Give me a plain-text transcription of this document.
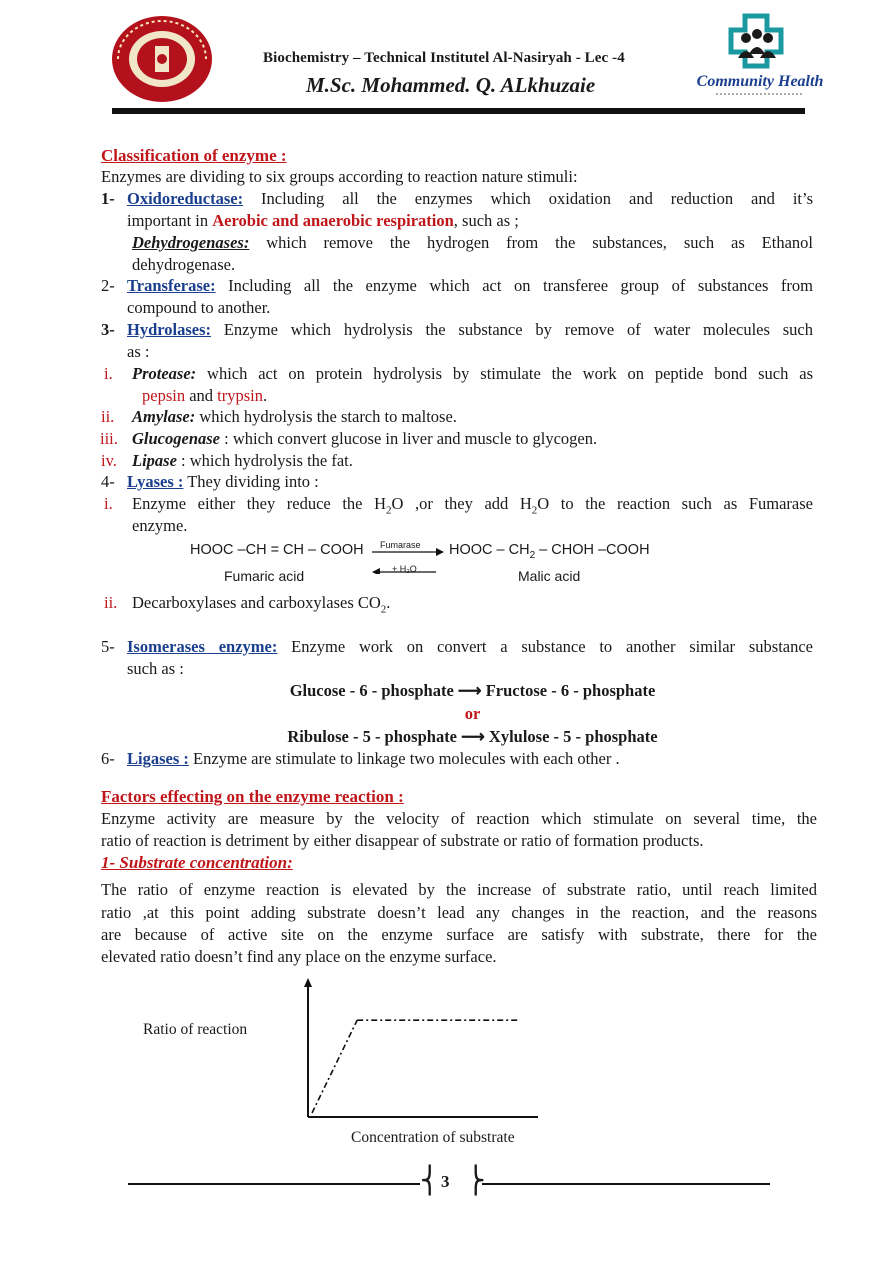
Community Health
Biochemistry – Technical Institutel Al-Nasiryah - Lec -4
M.Sc. Mohammed. Q. ALkhuzaie
Classification of enzyme :
Enzymes are dividing to six groups according to reaction nature stimuli:
1- Oxidoreductase: Including all the enzymes which oxidation and reduction and it’s
important in Aerobic and anaerobic respiration, such as ;
Dehydrogenases: which remove the hydrogen from the substances, such as Ethanol
dehydrogenase.
2- Transferase: Including all the enzyme which act on transferee group of substances from
compound to another.
3- Hydrolases: Enzyme which hydrolysis the substance by remove of water molecules such
as :
i. Protease: which act on protein hydrolysis by stimulate the work on peptide bond such as
pepsin and trypsin.
ii. Amylase: which hydrolysis the starch to maltose.
iii. Glucogenase : which convert glucose in liver and muscle to glycogen.
iv. Lipase : which hydrolysis the fat.
4- Lyases : They dividing into :
i. Enzyme either they reduce the $H_2O$ ,or they add $H_2O$ to the reaction such as Fumarase
enzyme.
HOOC –CH = CH – COOH	HOOC – $CH_2$ – CHOH –COOH
Fumarase
+ H₂O
Fumaric acid	Malic acid
ii. Decarboxylases and carboxylases $CO_2$.
5- Isomerases enzyme: Enzyme work on convert a substance to another similar substance
such as :
Glucose - 6 - phosphate ⟶ Fructose - 6 - phosphate
or
Ribulose - 5 - phosphate ⟶ Xylulose - 5 - phosphate
6- Ligases : Enzyme are stimulate to linkage two molecules with each other .
Factors effecting on the enzyme reaction :
Enzyme activity are measure by the velocity of reaction which stimulate on several time, the
ratio of reaction is detriment by either disappear of substrate or ratio of formation products.
1- Substrate concentration:
The ratio of enzyme reaction is elevated by the increase of substrate ratio, until reach limited
ratio ,at this point adding substrate doesn’t lead any changes in the reaction, and the reasons
are because of active site on the enzyme surface are satisfy with substrate, there for the
elevated ratio doesn’t find any place on the enzyme surface.
Ratio of reaction
Concentration of substrate
⎨ 3 ⎬
